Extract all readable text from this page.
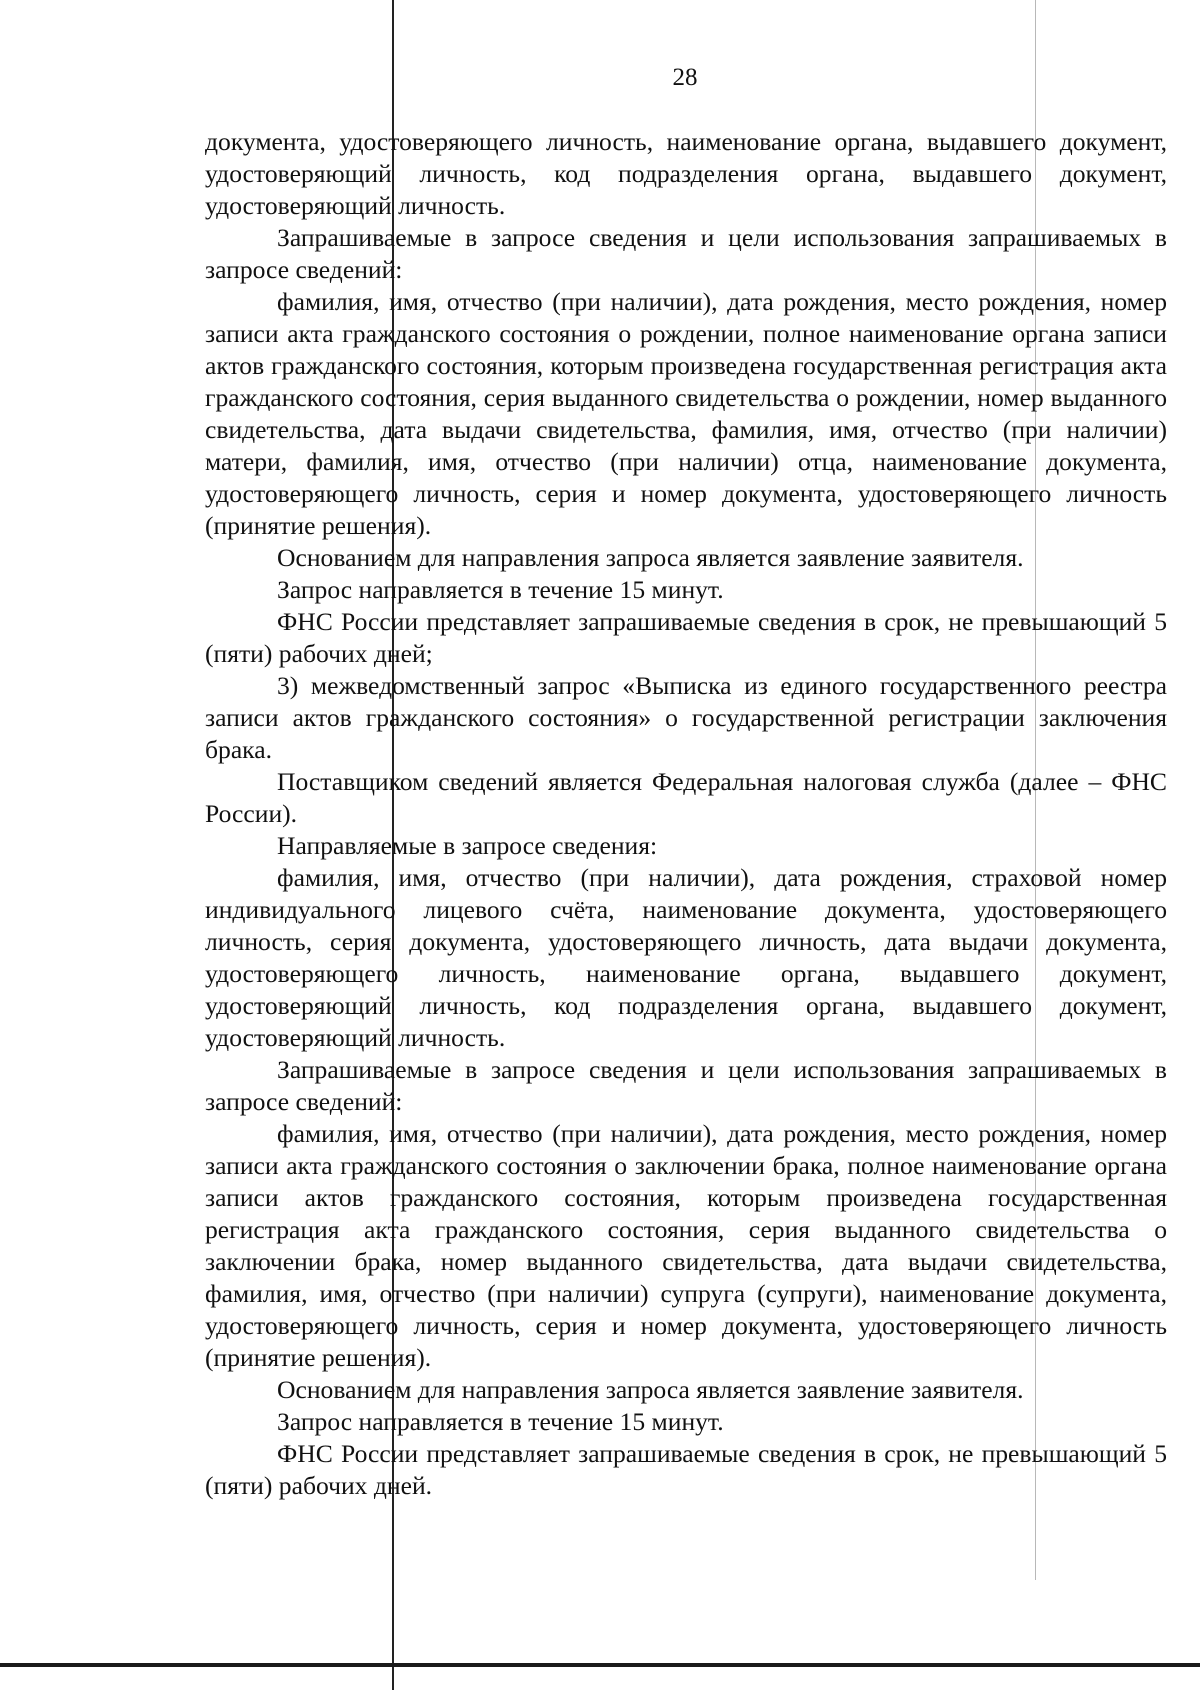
28

документа, удостоверяющего личность, наименование органа, выдавшего документ, удостоверяющий личность, код подразделения органа, выдавшего документ, удостоверяющий личность.

Запрашиваемые в запросе сведения и цели использования запрашиваемых в запросе сведений:

фамилия, имя, отчество (при наличии), дата рождения, место рождения, номер записи акта гражданского состояния о рождении, полное наименование органа записи актов гражданского состояния, которым произведена государственная регистрация акта гражданского состояния, серия выданного свидетельства о рождении, номер выданного свидетельства, дата выдачи свидетельства, фамилия, имя, отчество (при наличии) матери, фамилия, имя, отчество (при наличии) отца, наименование документа, удостоверяющего личность, серия и номер документа, удостоверяющего личность (принятие решения).

Основанием для направления запроса является заявление заявителя.

Запрос направляется в течение 15 минут.

ФНС России представляет запрашиваемые сведения в срок, не превышающий 5 (пяти) рабочих дней;

3) межведомственный запрос «Выписка из единого государственного реестра записи актов гражданского состояния» о государственной регистрации заключения брака.

Поставщиком сведений является Федеральная налоговая служба (далее – ФНС России).

Направляемые в запросе сведения:

фамилия, имя, отчество (при наличии), дата рождения, страховой номер индивидуального лицевого счёта, наименование документа, удостоверяющего личность, серия документа, удостоверяющего личность, дата выдачи документа, удостоверяющего личность, наименование органа, выдавшего документ, удостоверяющий личность, код подразделения органа, выдавшего документ, удостоверяющий личность.

Запрашиваемые в запросе сведения и цели использования запрашиваемых в запросе сведений:

фамилия, имя, отчество (при наличии), дата рождения, место рождения, номер записи акта гражданского состояния о заключении брака, полное наименование органа записи актов гражданского состояния, которым произведена государственная регистрация акта гражданского состояния, серия выданного свидетельства о заключении брака, номер выданного свидетельства, дата выдачи свидетельства, фамилия, имя, отчество (при наличии) супруга (супруги), наименование документа, удостоверяющего личность, серия и номер документа, удостоверяющего личность (принятие решения).

Основанием для направления запроса является заявление заявителя.

Запрос направляется в течение 15 минут.

ФНС России представляет запрашиваемые сведения в срок, не превышающий 5 (пяти) рабочих дней.
